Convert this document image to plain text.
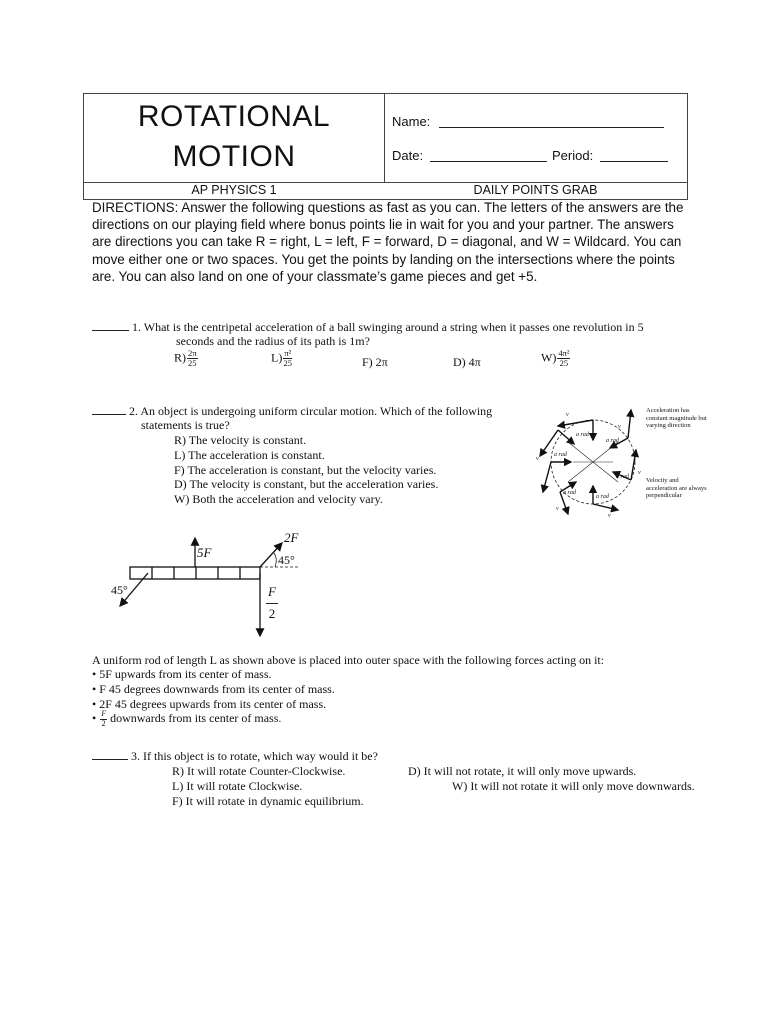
ROTATIONAL
MOTION
Name:
Date:	Period:
AP PHYSICS 1	DAILY POINTS GRAB
DIRECTIONS: Answer the following questions as fast as you can. The letters of the answers are the directions on our playing field where bonus points lie in wait for you and your partner. The answers are directions you can take R = right, L = left, F = forward, D = diagonal, and W = Wildcard. You can move either one or two spaces. You get the points by landing on the intersections where the points are. You can also land on one of your classmate’s game pieces and get +5.
1. What is the centripetal acceleration of a ball swinging around a string when it passes one revolution in 5
seconds and the radius of its path is 1m?
$R) \frac{2\pi}{25}$	$L) \frac{\text{π²}}{25}$	F) 2π	D) 4π	$W) \frac{\text{4π²}}{25}$
2. An object is undergoing uniform circular motion. Which of the following
statements is true?
R) The velocity is constant.
L) The acceleration is constant.
F) The acceleration is constant, but the velocity varies.
D) The velocity is constant, but the acceleration varies.
W) Both the acceleration and velocity vary.
v
v
v
v
v
v
a rad
a rad
a rad
a rad
a rad
a rad
Acceleration has constant magnitude but varying direction
Velocity and acceleration are always perpendicular
5F
2F
45°
45°	F
2
A uniform rod of length L as shown above is placed into outer space with the following forces acting on it:
• 5F upwards from its center of mass.
• F 45 degrees downwards from its center of mass.
• 2F 45 degrees upwards from its center of mass.
• $\frac{F}{2}$ downwards from its center of mass.
3. If this object is to rotate, which way would it be?
R) It will rotate Counter-Clockwise.
L) It will rotate Clockwise.
F) It will rotate in dynamic equilibrium.
D) It will not rotate, it will only move upwards.
W) It will not rotate it will only move downwards.
